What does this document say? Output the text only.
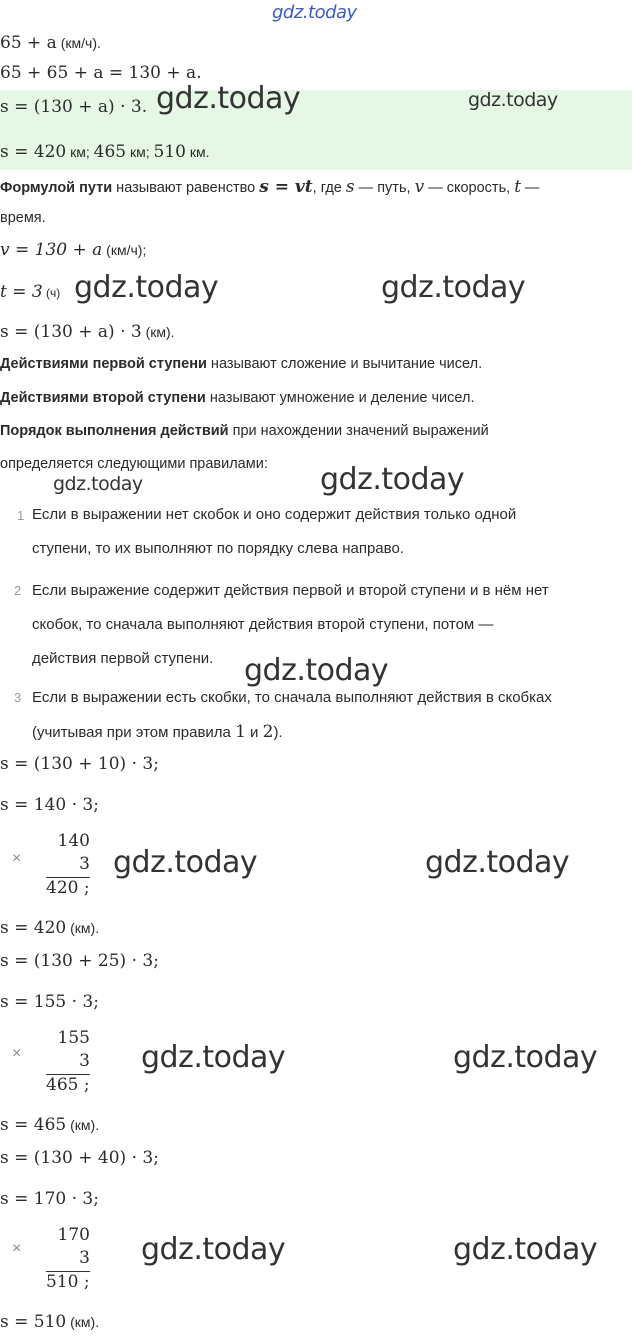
gdz.today
65 + a (км/ч).
65 + 65 + a = 130 + a.
s = (130 + a) · 3. gdz.today	gdz.today
s = 420 км; 465 км; 510 км.
Формулой пути называют равенство s = vt, где s — путь, v — скорость, t —
время.
v = 130 + a (км/ч);
t = 3 (ч) gdz.today	gdz.today
s = (130 + a) · 3 (км).
Действиями первой ступени называют сложение и вычитание чисел.
Действиями второй ступени называют умножение и деление чисел.
Порядок выполнения действий при нахождении значений выражений
определяется следующими правилами:
gdz.today	gdz.today
1 Если в выражении нет скобок и оно содержит действия только одной
ступени, то их выполняют по порядку слева направо.
2 Если выражение содержит действия первой и второй ступени и в нём нет
скобок, то сначала выполняют действия второй ступени, потом —
действия первой ступени.	gdz.today
3 Если в выражении есть скобки, то сначала выполняют действия в скобках
(учитывая при этом правила 1 и 2).
s = (130 + 10) · 3;
s = 140 · 3;
×
140
3
420 ;
gdz.today	gdz.today
s = 420 (км).
s = (130 + 25) · 3;
s = 155 · 3;
×
155
3
465 ;
gdz.today	gdz.today
s = 465 (км).
s = (130 + 40) · 3;
s = 170 · 3;
×
170
3
510 ;
gdz.today	gdz.today
s = 510 (км).
